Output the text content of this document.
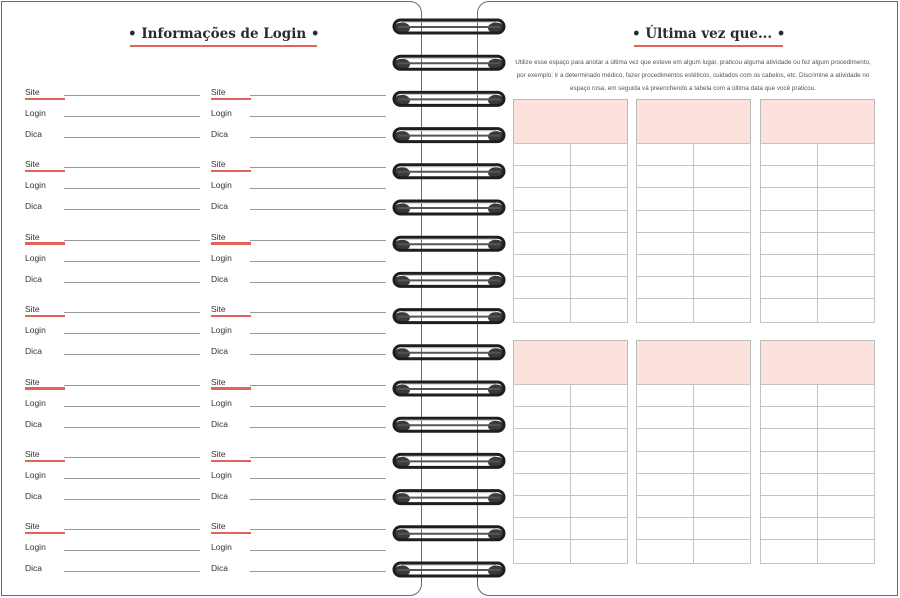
• Informações de Login •
Site
Login
Dica
Site
Login
Dica
Site
Login
Dica
Site
Login
Dica
Site
Login
Dica
Site
Login
Dica
Site
Login
Dica
Site
Login
Dica
Site
Login
Dica
Site
Login
Dica
Site
Login
Dica
Site
Login
Dica
Site
Login
Dica
Site
Login
Dica
• Última vez que... •
Utilize esse espaço para anotar a última vez que esteve em algum lugar, praticou alguma atividade ou fez algum procedimento, por exemplo: ir a determinado médico, fazer procedimentos estéticos, cuidados com os cabelos, etc. Discrimine a atividade no espaço rosa, em seguida vá preenchendo a tabela com a última data que você praticou.
